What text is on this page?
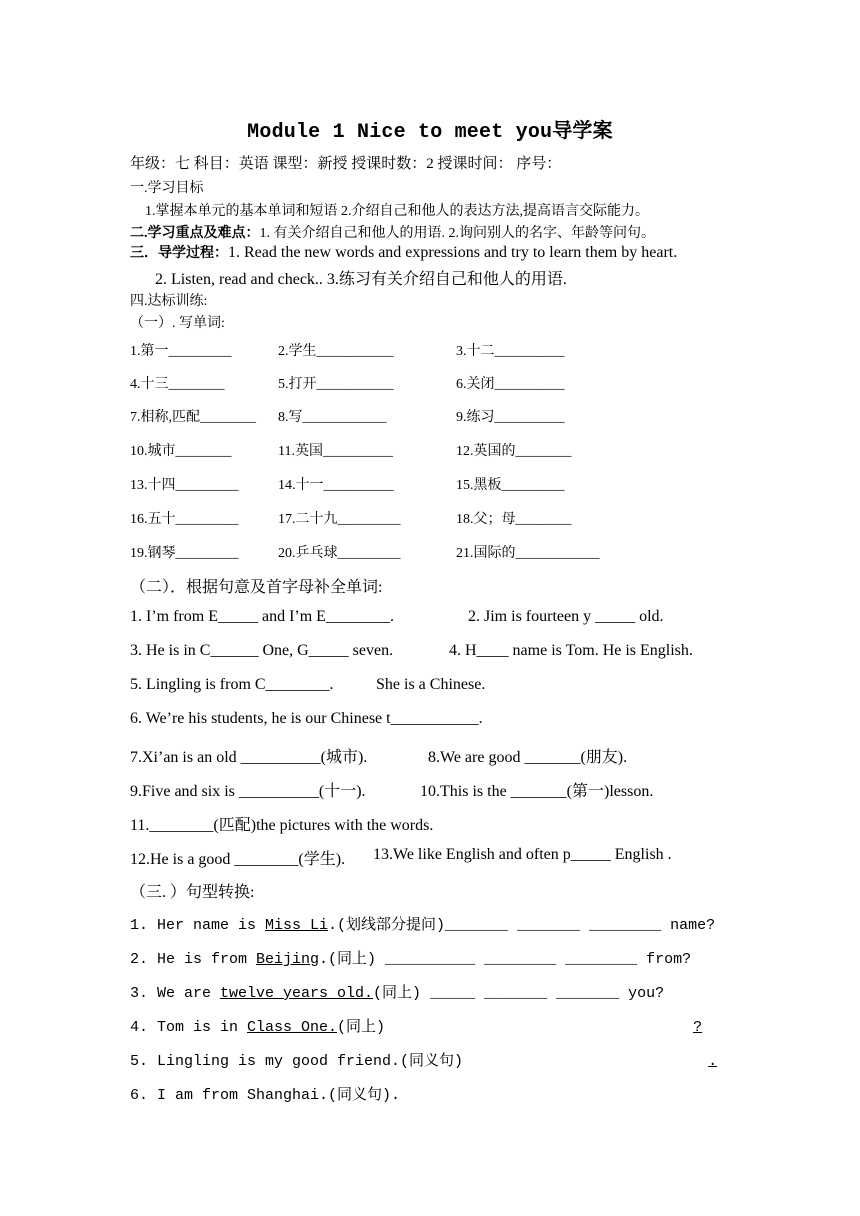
Module 1 Nice to meet you导学案
年级：七 科目：英语 课型：新授 授课时数：2 授课时间： 序号：
一.学习目标
1.掌握本单元的基本单词和短语 2.介绍自己和他人的表达方法,提高语言交际能力。
二.学习重点及难点：1. 有关介绍自己和他人的用语. 2.询问别人的名字、年龄等问句。
三．导学过程：1. Read the new words and expressions and try to learn them by heart.
2. Listen, read and check.. 3.练习有关介绍自己和他人的用语.
四.达标训练:
（一）. 写单词:
1.第一_________	2.学生___________	3.十二__________
4.十三________	5.打开___________	6.关闭__________
7.相称,匹配________ 8.写____________	9.练习__________
10.城市________	11.英国__________	12.英国的________
13.十四_________	14.十一__________	15.黑板_________
16.五十_________	17.二十九_________	18.父；母________
19.钢琴_________	20.乒乓球_________	21.国际的____________
（二）．根据句意及首字母补全单词:
1. I’m from E_____ and I’m E________.	2. Jim is fourteen y _____ old.
3. He is in C______ One, G_____ seven.	4. H____ name is Tom. He is English.
5. Lingling is from C________.	She is a Chinese.
6. We’re his students, he is our Chinese t___________.
7.Xi’an is an old __________(城市).	8.We are good _______(朋友).
9.Five and six is __________(十一).	10.This is the _______(第一)lesson.
11.________(匹配)the pictures with the words.
12.He is a good ________(学生). 13.We like English and often p_____ English .
（三. ）句型转换:
1. Her name is Miss Li.(划线部分提问)_______ _______ ________ name?
2. He is from Beijing.(同上) __________ ________ ________ from?
3. We are twelve years old.(同上) _____ _______ _______ you?
4. Tom is in Class One.(同上)	?
5. Lingling is my good friend.(同义句)	.
6. I am from Shanghai.(同义句).
